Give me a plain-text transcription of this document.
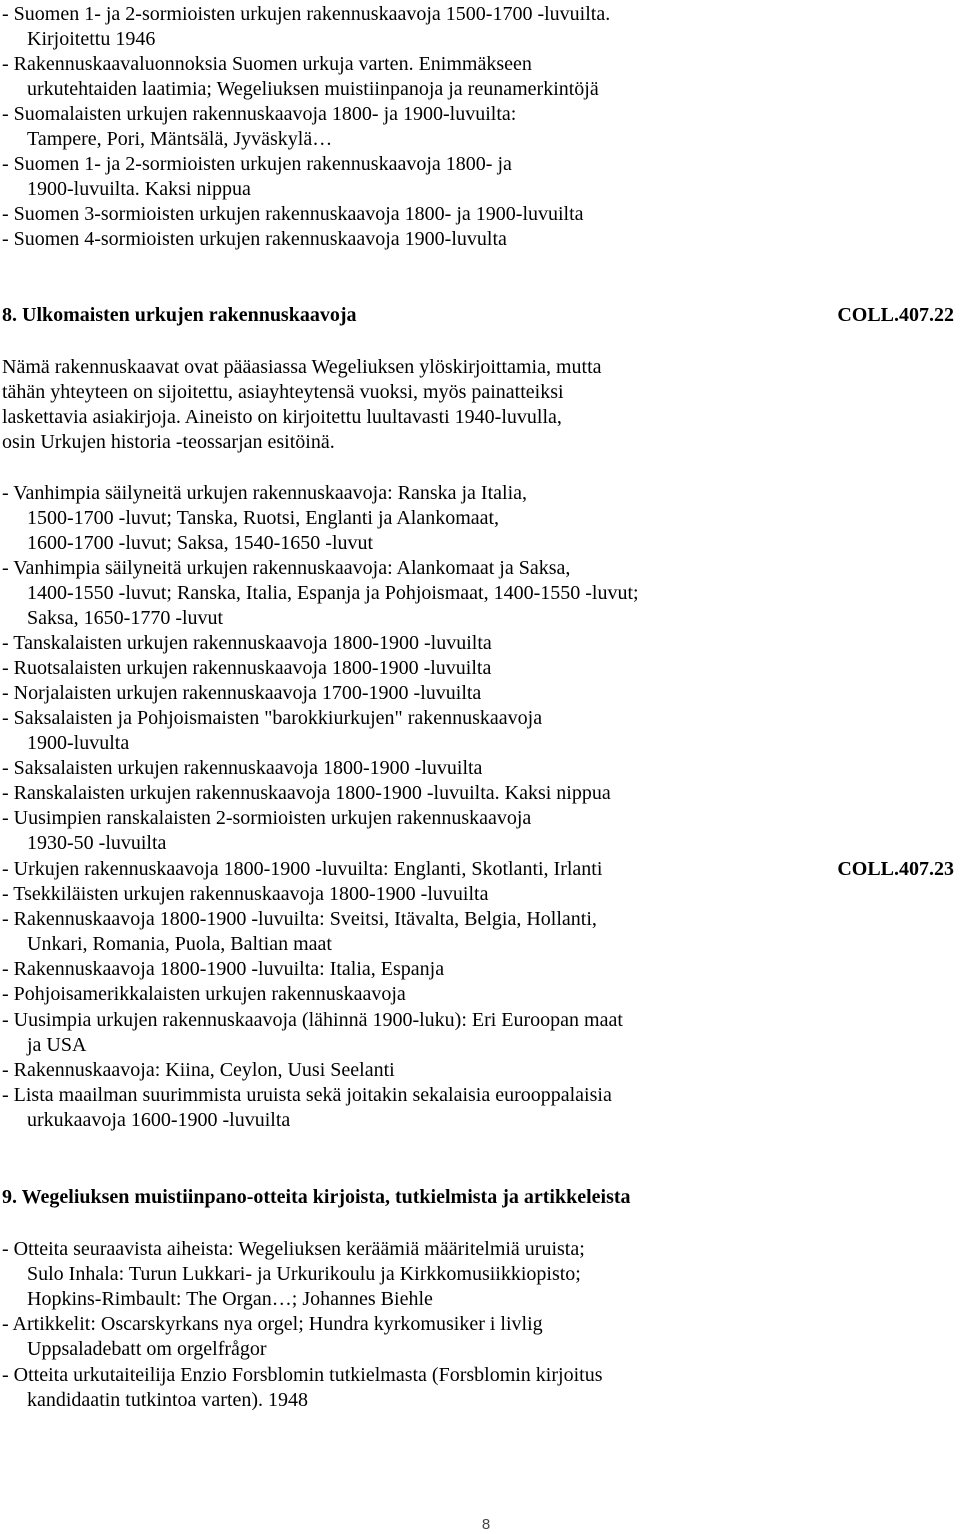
- Suomen 1- ja 2-sormioisten urkujen rakennuskaavoja 1500-1700 -luvuilta.
Kirjoitettu 1946
- Rakennuskaavaluonnoksia Suomen urkuja varten. Enimmäkseen
urkutehtaiden laatimia; Wegeliuksen muistiinpanoja ja reunamerkintöjä
- Suomalaisten urkujen rakennuskaavoja 1800- ja 1900-luvuilta:
Tampere, Pori, Mäntsälä, Jyväskylä…
- Suomen 1- ja 2-sormioisten urkujen rakennuskaavoja 1800- ja
1900-luvuilta. Kaksi nippua
- Suomen 3-sormioisten urkujen rakennuskaavoja 1800- ja 1900-luvuilta
- Suomen 4-sormioisten urkujen rakennuskaavoja 1900-luvulta
8. Ulkomaisten urkujen rakennuskaavoja	COLL.407.22
Nämä rakennuskaavat ovat pääasiassa Wegeliuksen ylöskirjoittamia, mutta
tähän yhteyteen on sijoitettu, asiayhteytensä vuoksi, myös painatteiksi
laskettavia asiakirjoja. Aineisto on kirjoitettu luultavasti 1940-luvulla,
osin Urkujen historia -teossarjan esitöinä.
- Vanhimpia säilyneitä urkujen rakennuskaavoja: Ranska ja Italia,
1500-1700 -luvut; Tanska, Ruotsi, Englanti ja Alankomaat,
1600-1700 -luvut; Saksa, 1540-1650 -luvut
- Vanhimpia säilyneitä urkujen rakennuskaavoja: Alankomaat ja Saksa,
1400-1550 -luvut; Ranska, Italia, Espanja ja Pohjoismaat, 1400-1550 -luvut;
Saksa, 1650-1770 -luvut
- Tanskalaisten urkujen rakennuskaavoja 1800-1900 -luvuilta
- Ruotsalaisten urkujen rakennuskaavoja 1800-1900 -luvuilta
- Norjalaisten urkujen rakennuskaavoja 1700-1900 -luvuilta
- Saksalaisten ja Pohjoismaisten "barokkiurkujen" rakennuskaavoja
1900-luvulta
- Saksalaisten urkujen rakennuskaavoja 1800-1900 -luvuilta
- Ranskalaisten urkujen rakennuskaavoja 1800-1900 -luvuilta. Kaksi nippua
- Uusimpien ranskalaisten 2-sormioisten urkujen rakennuskaavoja
1930-50 -luvuilta
- Urkujen rakennuskaavoja 1800-1900 -luvuilta: Englanti, Skotlanti, Irlanti	COLL.407.23
- Tsekkiläisten urkujen rakennuskaavoja 1800-1900 -luvuilta
- Rakennuskaavoja 1800-1900 -luvuilta: Sveitsi, Itävalta, Belgia, Hollanti,
Unkari, Romania, Puola, Baltian maat
- Rakennuskaavoja 1800-1900 -luvuilta: Italia, Espanja
- Pohjoisamerikkalaisten urkujen rakennuskaavoja
- Uusimpia urkujen rakennuskaavoja (lähinnä 1900-luku): Eri Euroopan maat
ja USA
- Rakennuskaavoja: Kiina, Ceylon, Uusi Seelanti
- Lista maailman suurimmista uruista sekä joitakin sekalaisia eurooppalaisia
urkukaavoja 1600-1900 -luvuilta
9. Wegeliuksen muistiinpano-otteita kirjoista, tutkielmista ja artikkeleista
- Otteita seuraavista aiheista: Wegeliuksen keräämiä määritelmiä uruista;
Sulo Inhala: Turun Lukkari- ja Urkurikoulu ja Kirkkomusiikkiopisto;
Hopkins-Rimbault: The Organ…; Johannes Biehle
- Artikkelit: Oscarskyrkans nya orgel; Hundra kyrkomusiker i livlig
Uppsaladebatt om orgelfrågor
- Otteita urkutaiteilija Enzio Forsblomin tutkielmasta (Forsblomin kirjoitus
kandidaatin tutkintoa varten). 1948
8
